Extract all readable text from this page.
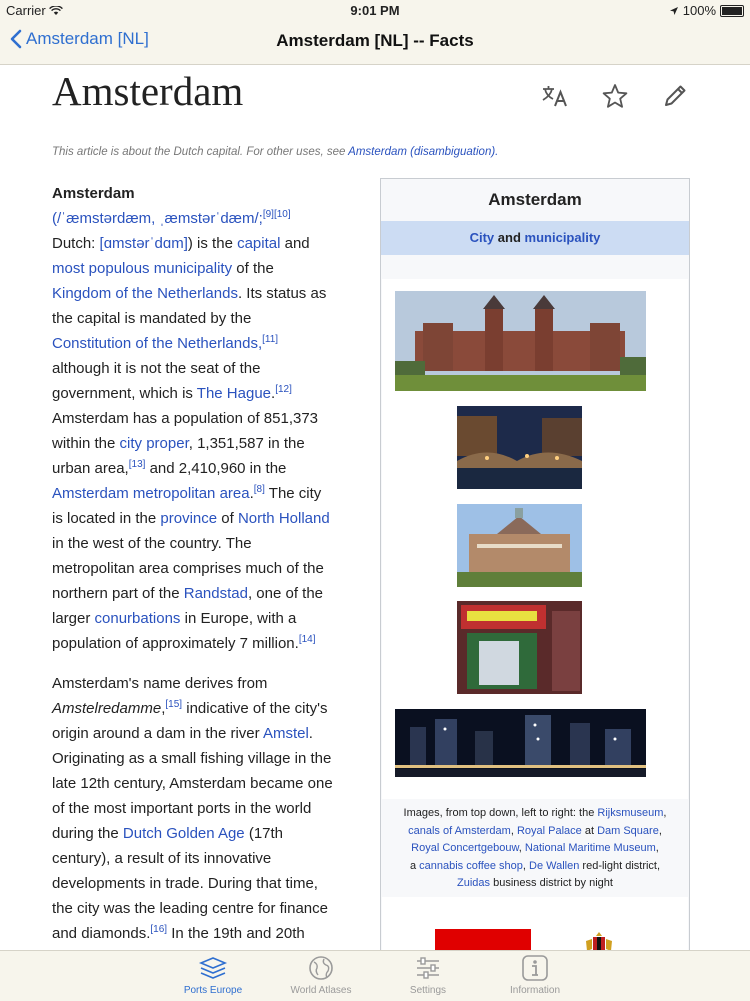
Carrier	9:01 PM	100%
Amsterdam [NL]	Amsterdam [NL] -- Facts
Amsterdam
This article is about the Dutch capital. For other uses, see Amsterdam (disambiguation).

Amsterdam
(/ˈæmstərdæm, ˌæmstərˈdæm/;[9][10]
Dutch: [ɑmstərˈdɑm]) is the capital and
most populous municipality of the
Kingdom of the Netherlands. Its status as
the capital is mandated by the
Constitution of the Netherlands,[11]
although it is not the seat of the
government, which is The Hague.[12]
Amsterdam has a population of 851,373
within the city proper, 1,351,587 in the
urban area,[13] and 2,410,960 in the
Amsterdam metropolitan area.[8] The city
is located in the province of North Holland
in the west of the country. The
metropolitan area comprises much of the
northern part of the Randstad, one of the
larger conurbations in Europe, with a
population of approximately 7 million.[14]

Amsterdam's name derives from
Amstelredamme,[15] indicative of the city's
origin around a dam in the river Amstel.
Originating as a small fishing village in the
late 12th century, Amsterdam became one
of the most important ports in the world
during the Dutch Golden Age (17th
century), a result of its innovative
developments in trade. During that time,
the city was the leading centre for finance
and diamonds.[16] In the 19th and 20th

Amsterdam
City and municipality
Images, from top down, left to right: the Rijksmuseum,
canals of Amsterdam, Royal Palace at Dam Square,
Royal Concertgebouw, National Maritime Museum,
a cannabis coffee shop, De Wallen red-light district,
Zuidas business district by night
Ports Europe	World Atlases	Settings	Information
